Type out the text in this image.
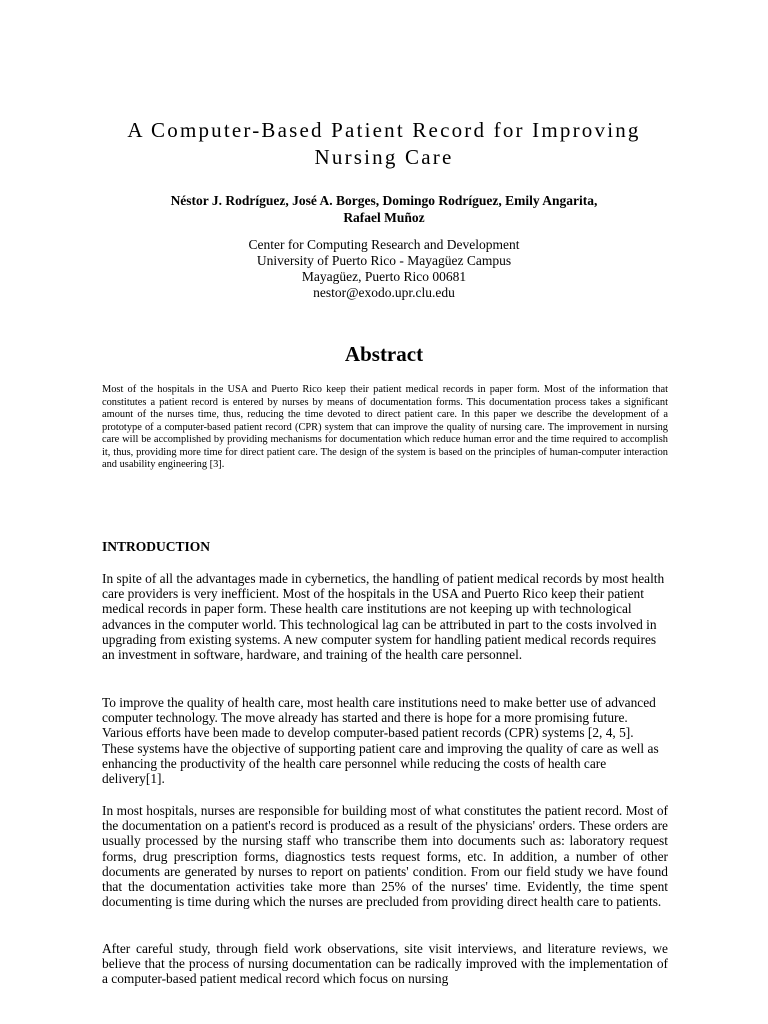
A Computer-Based Patient Record for Improving
Nursing Care
Néstor J. Rodríguez, José A. Borges, Domingo Rodríguez, Emily Angarita,
Rafael Muñoz
Center for Computing Research and Development
University of Puerto Rico - Mayagüez Campus
Mayagüez, Puerto Rico 00681
nestor@exodo.upr.clu.edu
Abstract

Most of the hospitals in the USA and Puerto Rico keep their patient medical records in paper form. Most of the information that constitutes a patient record is entered by nurses by means of documentation forms. This documentation process takes a significant amount of the nurses time, thus, reducing the time devoted to direct patient care. In this paper we describe the development of a prototype of a computer-based patient record (CPR) system that can improve the quality of nursing care. The improvement in nursing care will be accomplished by providing mechanisms for documentation which reduce human error and the time required to accomplish it, thus, providing more time for direct patient care. The design of the system is based on the principles of human-computer interaction and usability engineering [3].

INTRODUCTION

In spite of all the advantages made in cybernetics, the handling of patient medical records by most health care providers is very inefficient. Most of the hospitals in the USA and Puerto Rico keep their patient medical records in paper form. These health care institutions are not keeping up with technological advances in the computer world. This technological lag can be attributed in part to the costs involved in upgrading from existing systems. A new computer system for handling patient medical records requires an investment in software, hardware, and training of the health care personnel.

To improve the quality of health care, most health care institutions need to make better use of advanced computer technology. The move already has started and there is hope for a more promising future. Various efforts have been made to develop computer-based patient records (CPR) systems [2, 4, 5]. These systems have the objective of supporting patient care and improving the quality of care as well as enhancing the productivity of the health care personnel while reducing the costs of health care delivery[1].

In most hospitals, nurses are responsible for building most of what constitutes the patient record. Most of the documentation on a patient's record is produced as a result of the physicians' orders. These orders are usually processed by the nursing staff who transcribe them into documents such as: laboratory request forms, drug prescription forms, diagnostics tests request forms, etc. In addition, a number of other documents are generated by nurses to report on patients' condition. From our field study we have found that the documentation activities take more than 25% of the nurses' time. Evidently, the time spent documenting is time during which the nurses are precluded from providing direct health care to patients.

After careful study, through field work observations, site visit interviews, and literature reviews, we believe that the process of nursing documentation can be radically improved with the implementation of a computer-based patient medical record which focus on nursing
